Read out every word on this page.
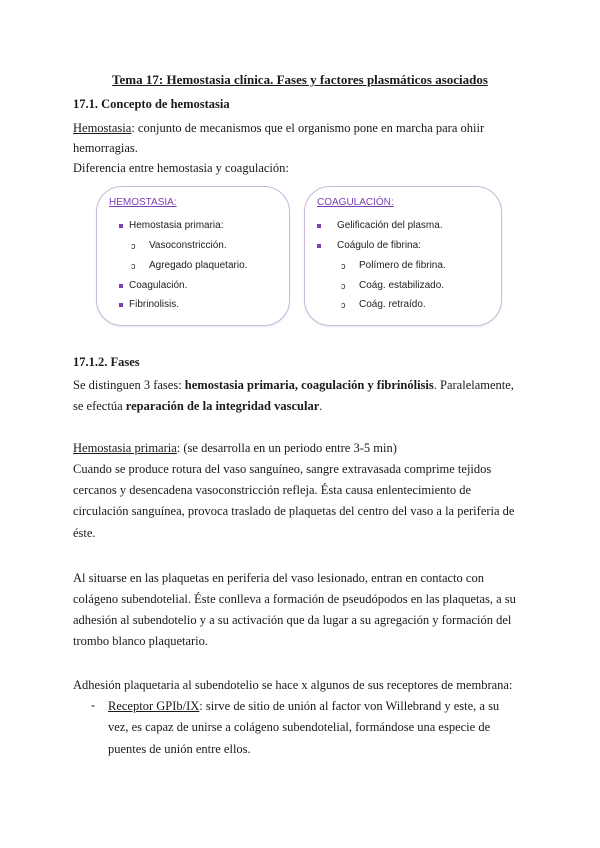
Tema 17: Hemostasia clínica. Fases y factores plasmáticos asociados
17.1. Concepto de hemostasia
Hemostasia: conjunto de mecanismos que el organismo pone en marcha para ohiir
hemorragias.
Diferencia entre hemostasia y coagulación:
HEMOSTASIA:
Hemostasia primaria:
ɔ Vasoconstricción.
ɔ Agregado plaquetario.
Coagulación.
Fibrinolisis.
COAGULACIÓN:
Gelificación del plasma.
Coágulo de fibrina:
ɔ Polímero de fibrina.
ɔ Coág. estabilizado.
ɔ Coág. retraído.
17.1.2. Fases
Se distinguen 3 fases: hemostasia primaria, coagulación y fibrinólisis. Paralelamente,
se efectúa reparación de la integridad vascular.
Hemostasia primaria: (se desarrolla en un periodo entre 3-5 min)
Cuando se produce rotura del vaso sanguíneo, sangre extravasada comprime tejidos
cercanos y desencadena vasoconstricción refleja. Ésta causa enlentecimiento de
circulación sanguínea, provoca traslado de plaquetas del centro del vaso a la periferia de
éste.
Al situarse en las plaquetas en periferia del vaso lesionado, entran en contacto con
colágeno subendotelial. Éste conlleva a formación de pseudópodos en las plaquetas, a su
adhesión al subendotelio y a su activación que da lugar a su agregación y formación del
trombo blanco plaquetario.
Adhesión plaquetaria al subendotelio se hace x algunos de sus receptores de membrana:
- Receptor GPIb/IX: sirve de sitio de unión al factor von Willebrand y este, a su
vez, es capaz de unirse a colágeno subendotelial, formándose una especie de
puentes de unión entre ellos.
